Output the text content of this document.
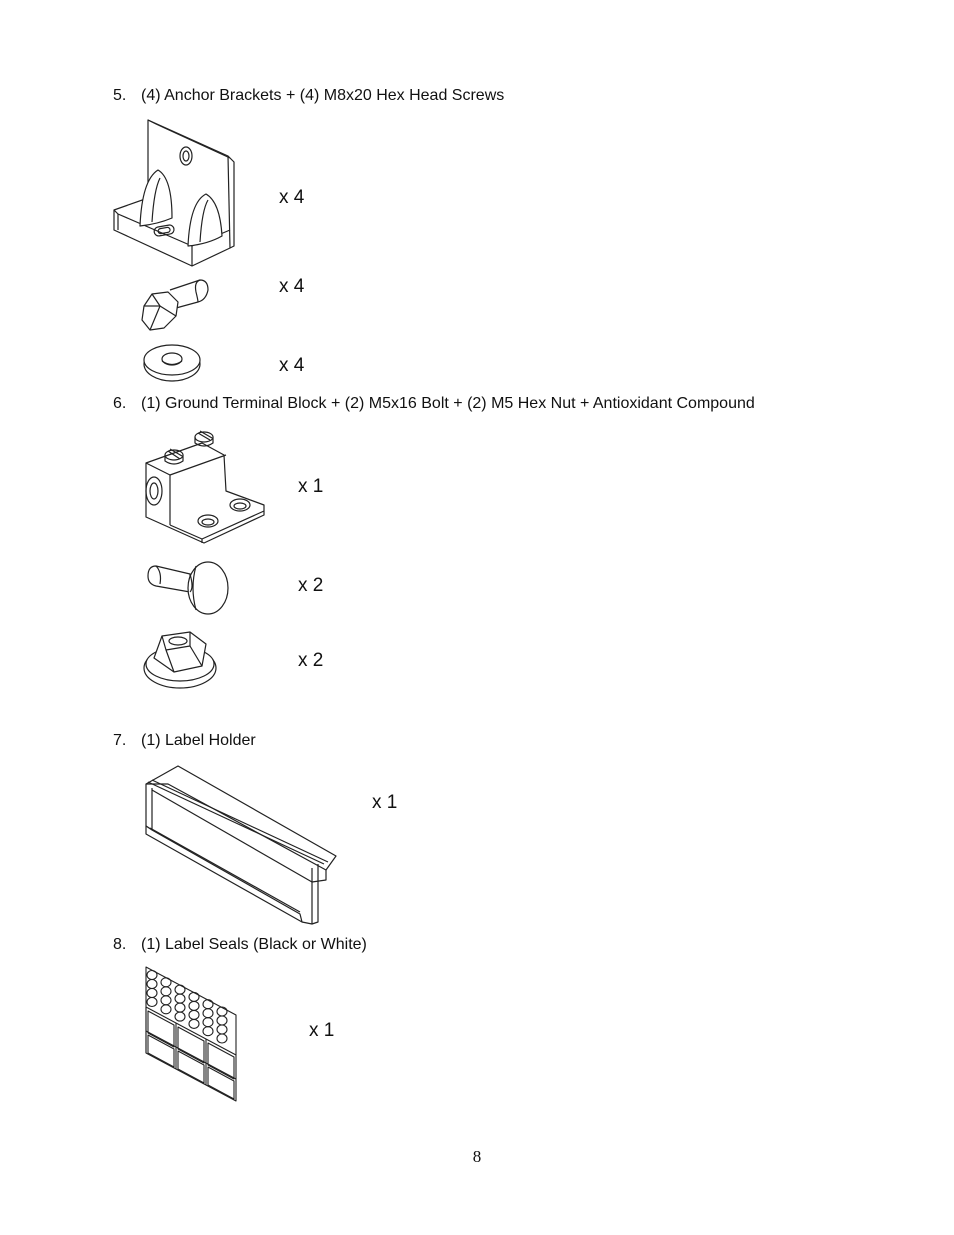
5. (4) Anchor Brackets + (4) M8x20 Hex Head Screws
x 4
x 4
x 4
6. (1) Ground Terminal Block + (2) M5x16 Bolt + (2) M5 Hex Nut + Antioxidant Compound
x 1
x 2
x 2
7. (1) Label Holder
x 1
8. (1) Label Seals (Black or White)
x 1
8
